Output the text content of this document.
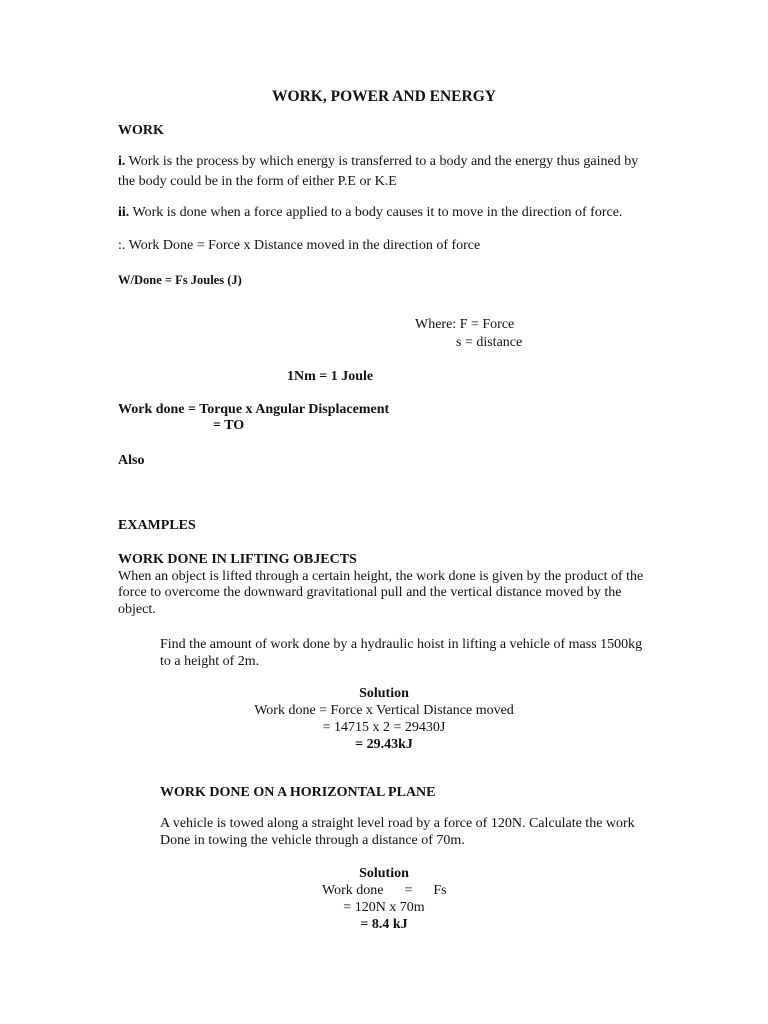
WORK, POWER AND ENERGY
WORK
i. Work is the process by which energy is transferred to a body and the energy thus gained by
the body could be in the form of either P.E or K.E
ii. Work is done when a force applied to a body causes it to move in the direction of force.
:. Work Done = Force x Distance moved in the direction of force
W/Done = Fs Joules (J)
Where: F = Force
s = distance
1Nm = 1 Joule
Work done = Torque x Angular Displacement
= TO
Also
EXAMPLES
WORK DONE IN LIFTING OBJECTS
When an object is lifted through a certain height, the work done is given by the product of the
force to overcome the downward gravitational pull and the vertical distance moved by the
object.
Find the amount of work done by a hydraulic hoist in lifting a vehicle of mass 1500kg
to a height of 2m.
Solution
Work done = Force x Vertical Distance moved
= 14715 x 2 = 29430J
= 29.43kJ
WORK DONE ON A HORIZONTAL PLANE
A vehicle is towed along a straight level road by a force of 120N. Calculate the work
Done in towing the vehicle through a distance of 70m.
Solution
Work done      =      Fs
= 120N x 70m
= 8.4 kJ
